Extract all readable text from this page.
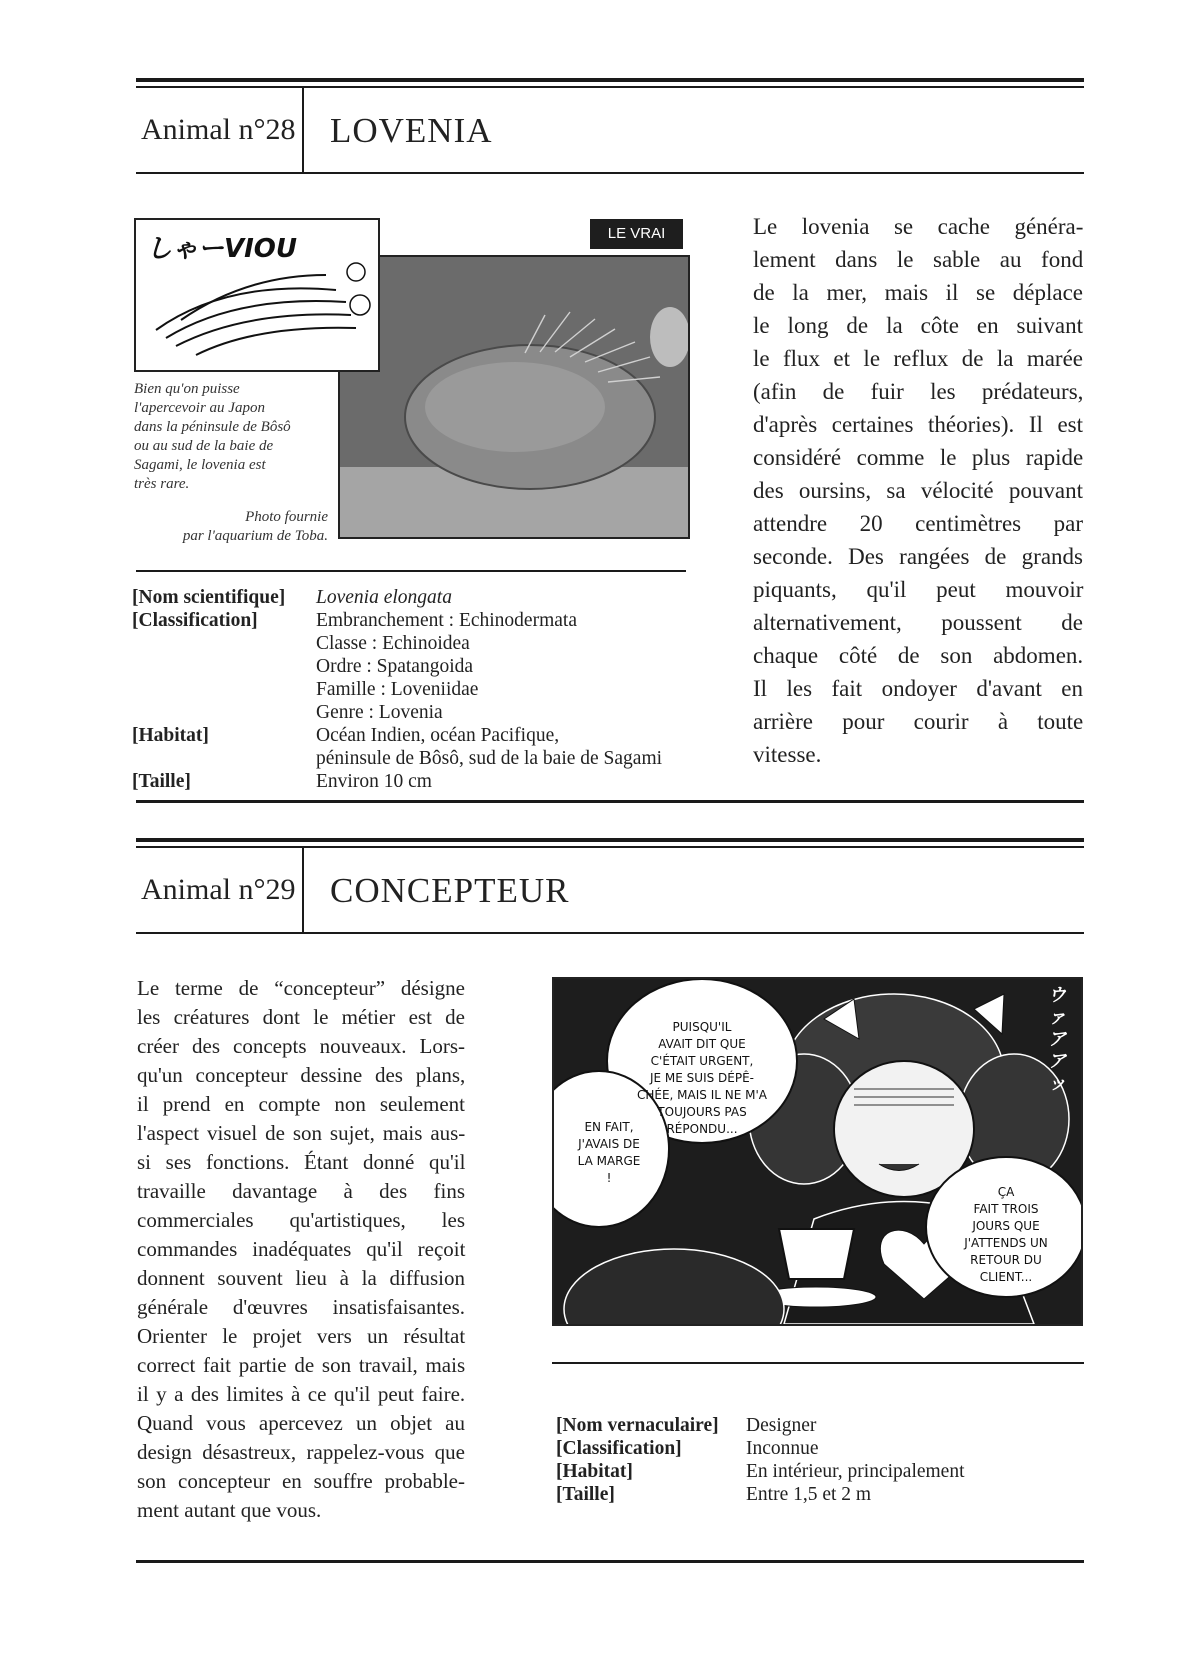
Animal n°28 LOVENIA
LE VRAI
しゃーVIOU
Bien qu'on puisse
l'apercevoir au Japon
dans la péninsule de Bôsô
ou au sud de la baie de
Sagami, le lovenia est
très rare.
Photo fournie
par l'aquarium de Toba.
[Nom scientifique]	Lovenia elongata
[Classification]	Embranchement : Echinodermata
Classe : Echinoidea
Ordre : Spatangoida
Famille : Loveniidae
Genre : Lovenia
[Habitat]	Océan Indien, océan Pacifique,
péninsule de Bôsô, sud de la baie de Sagami
[Taille]	Environ 10 cm
Le lovenia se cache généra-
lement dans le sable au fond
de la mer, mais il se déplace
le long de la côte en suivant
le flux et le reflux de la marée
(afin de fuir les prédateurs,
d'après certaines théories). Il est
considéré comme le plus rapide
des oursins, sa vélocité pouvant
attendre 20 centimètres par
seconde. Des rangées de grands
piquants, qu'il peut mouvoir
alternativement, poussent de
chaque côté de son abdomen.
Il les fait ondoyer d'avant en
arrière pour courir à toute
vitesse.
Animal n°29 CONCEPTEUR
Le terme de “concepteur” désigne
les créatures dont le métier est de
créer des concepts nouveaux. Lors-
qu'un concepteur dessine des plans,
il prend en compte non seulement
l'aspect visuel de son sujet, mais aus-
si ses fonctions. Étant donné qu'il
travaille davantage à des fins
commerciales qu'artistiques, les
commandes inadéquates qu'il reçoit
donnent souvent lieu à la diffusion
générale d'œuvres insatisfaisantes.
Orienter le projet vers un résultat
correct fait partie de son travail, mais
il y a des limites à ce qu'il peut faire.
Quand vous apercevez un objet au
design désastreux, rappelez-vous que
son concepteur en souffre probable-
ment autant que vous.
PUISQU'IL
AVAIT DIT QUE
C'ÉTAIT URGENT,
JE ME SUIS DÉPÊ-
CHÉE, MAIS IL NE M'A
TOUJOURS PAS
RÉPONDU...
EN FAIT,
J'AVAIS DE
LA MARGE
!
ÇA
FAIT TROIS
JOURS QUE
J'ATTENDS UN
RETOUR DU
CLIENT...
ウァアアッ
[Nom vernaculaire]	Designer
[Classification]	Inconnue
[Habitat]	En intérieur, principalement
[Taille]	Entre 1,5 et 2 m
